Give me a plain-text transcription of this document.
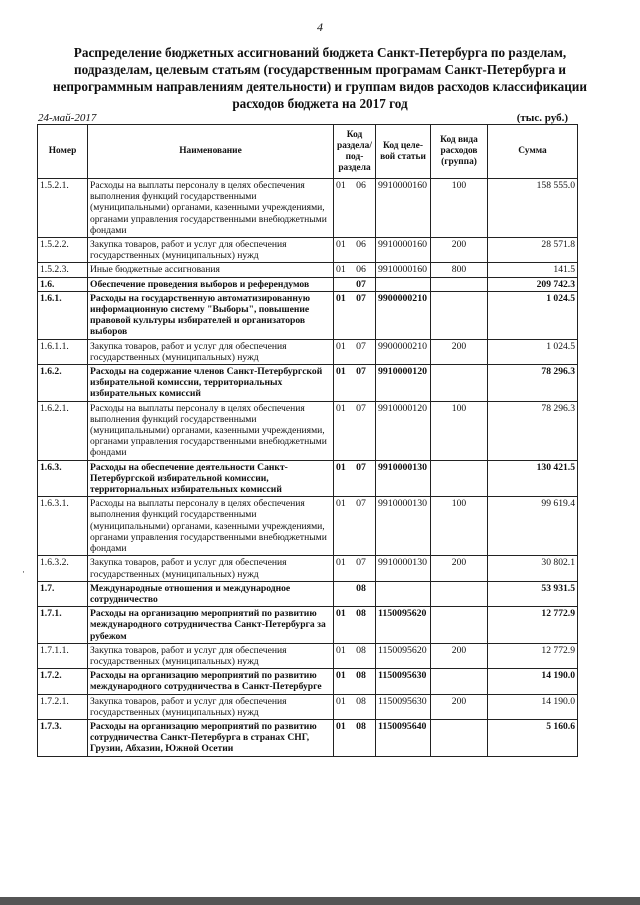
4
Распределение бюджетных ассигнований бюджета Санкт-Петербурга по разделам, подразделам, целевым статьям (государственным програмам Санкт-Петербурга и непрограммным направлениям деятельности) и группам видов расходов классификации расходов бюджета на 2017 год
24-май-2017	(тыс. руб.)
Номер	Наименование	Код раздела/ под-раздела	Код целе-вой статьи	Код вида расходов (группа)	Сумма
1.5.2.1.	Расходы на выплаты персоналу в целях обеспечения выполнения функций государственными (муниципальными) органами, казенными учреждениями, органами управления государственными внебюджетными фондами	01 06	9910000160	100	158 555.0
1.5.2.2.	Закупка товаров, работ и услуг для обеспечения государственных (муниципальных) нужд	01 06	9910000160	200	28 571.8
1.5.2.3.	Иные бюджетные ассигнования	01 06	9910000160	800	141.5
1.6.	Обеспечение проведения выборов и референдумов	07			209 742.3
1.6.1.	Расходы на государственную автоматизированную информационную систему "Выборы", повышение правовой культуры избирателей и организаторов выборов	01 07	9900000210		1 024.5
1.6.1.1.	Закупка товаров, работ и услуг для обеспечения государственных (муниципальных) нужд	01 07	9900000210	200	1 024.5
1.6.2.	Расходы на содержание членов Санкт-Петербургской избирательной комиссии, территориальных избирательных комиссий	01 07	9910000120		78 296.3
1.6.2.1.	Расходы на выплаты персоналу в целях обеспечения выполнения функций государственными (муниципальными) органами, казенными учреждениями, органами управления государственными внебюджетными фондами	01 07	9910000120	100	78 296.3
1.6.3.	Расходы на обеспечение деятельности Санкт-Петербургской избирательной комиссии, территориальных избирательных комиссий	01 07	9910000130		130 421.5
1.6.3.1.	Расходы на выплаты персоналу в целях обеспечения выполнения функций государственными (муниципальными) органами, казенными учреждениями, органами управления государственными внебюджетными фондами	01 07	9910000130	100	99 619.4
1.6.3.2.	Закупка товаров, работ и услуг для обеспечения государственных (муниципальных) нужд	01 07	9910000130	200	30 802.1
1.7.	Международные отношения и международное сотрудничество	08			53 931.5
1.7.1.	Расходы на организацию мероприятий по развитию международного сотрудничества Санкт-Петербурга за рубежом	01 08	1150095620		12 772.9
1.7.1.1.	Закупка товаров, работ и услуг для обеспечения государственных (муниципальных) нужд	01 08	1150095620	200	12 772.9
1.7.2.	Расходы на организацию мероприятий по развитию международного сотрудничества в Санкт-Петербурге	01 08	1150095630		14 190.0
1.7.2.1.	Закупка товаров, работ и услуг для обеспечения государственных (муниципальных) нужд	01 08	1150095630	200	14 190.0
1.7.3.	Расходы на организацию мероприятий по развитию сотрудничества Санкт-Петербурга в странах СНГ, Грузии, Абхазии, Южной Осетии	01 08	1150095640		5 160.6
·
